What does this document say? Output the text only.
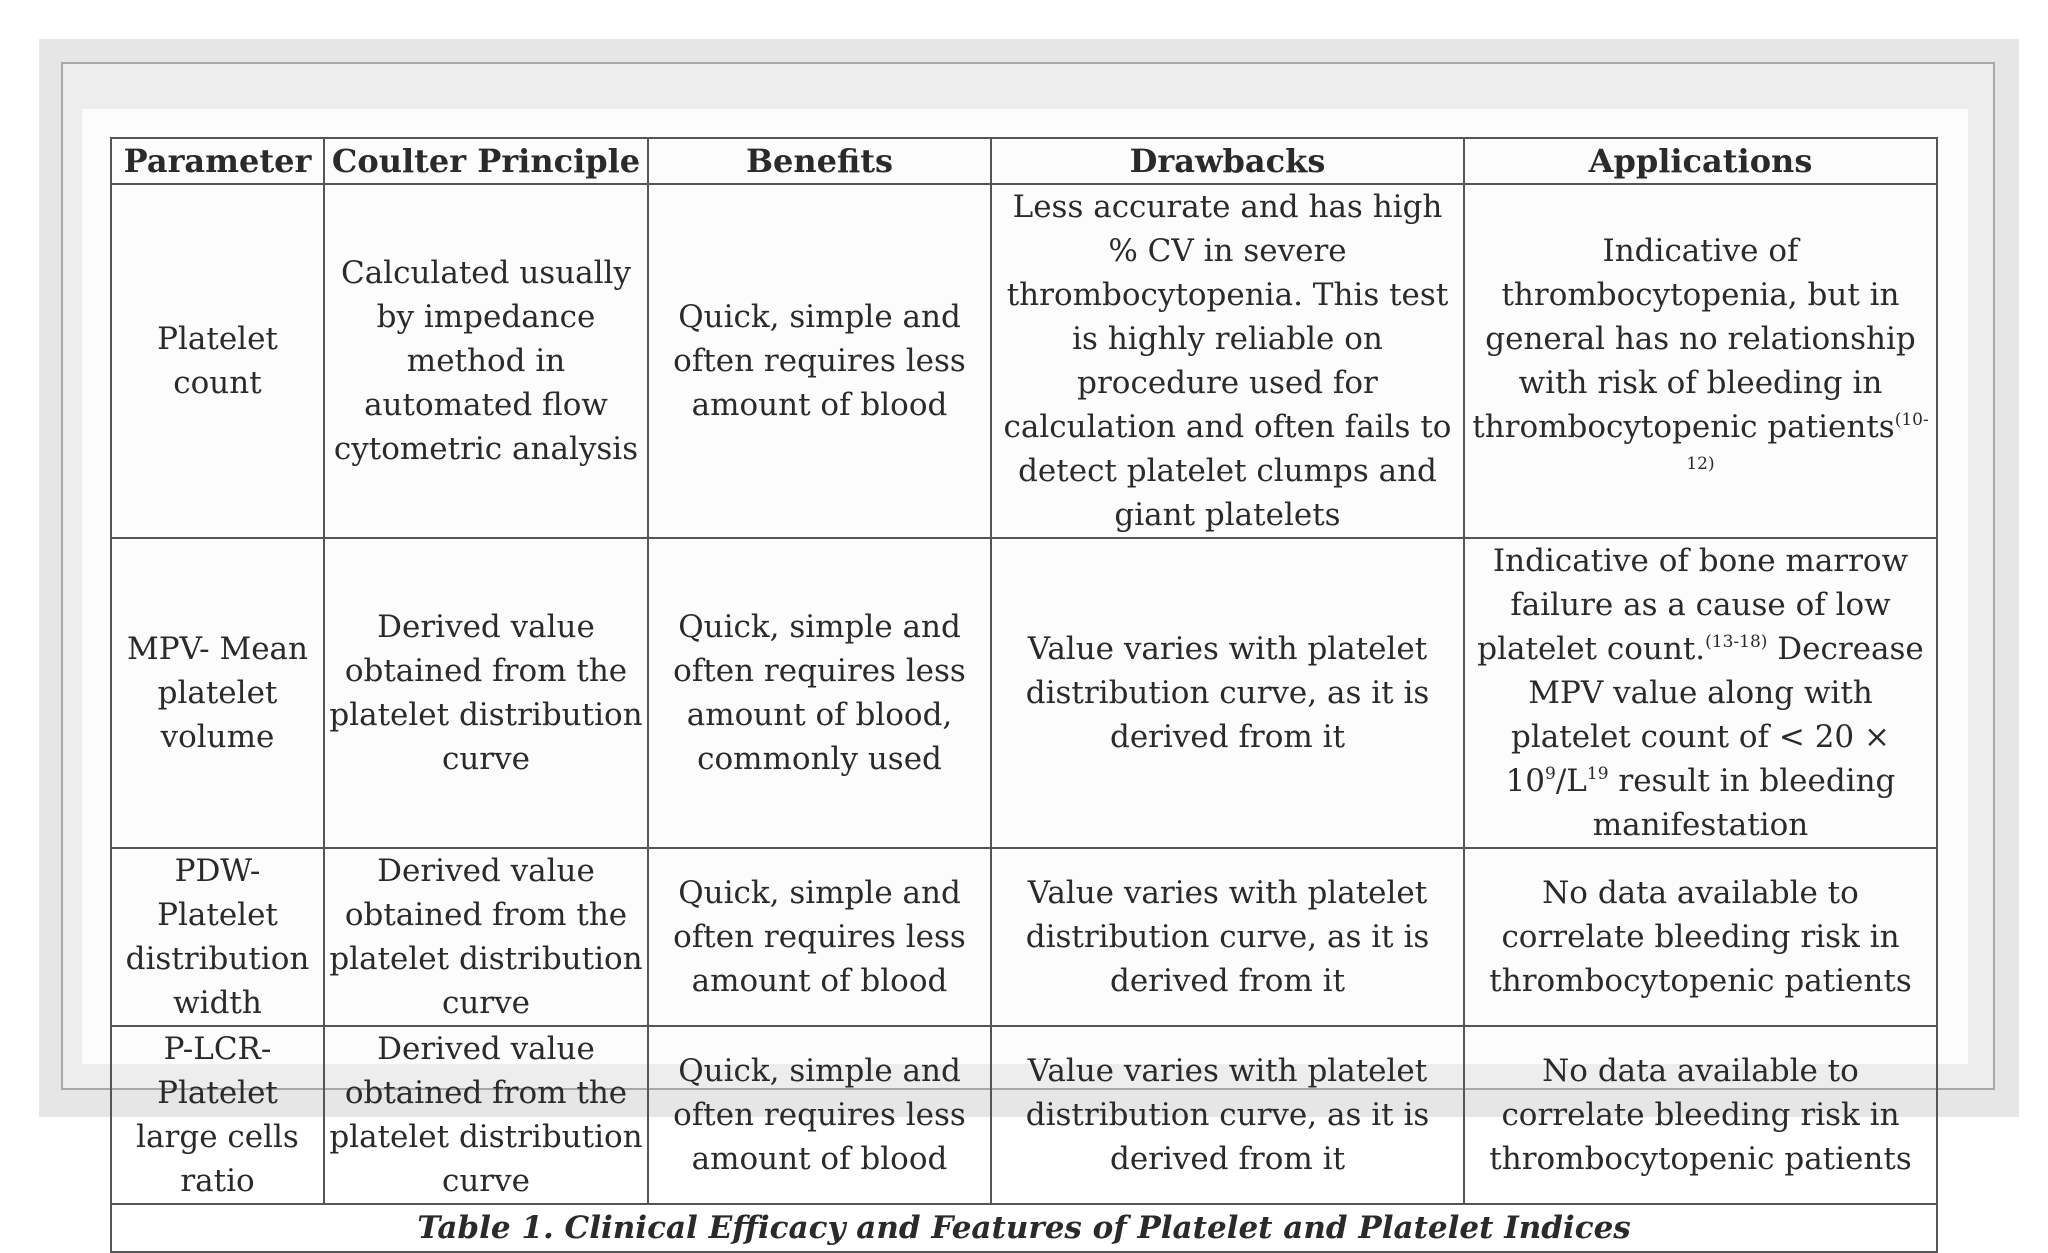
Parameter	Coulter Principle	Benefits	Drawbacks	Applications
Platelet count	Calculated usually by impedance method in automated flow cytometric analysis	Quick, simple and often requires less amount of blood	Less accurate and has high % CV in severe thrombocytopenia. This test is highly reliable on procedure used for calculation and often fails to detect platelet clumps and giant platelets	Indicative of thrombocytopenia, but in general has no relationship with risk of bleeding in thrombocytopenic patients$^{(10-12)}$
MPV- Mean platelet volume	Derived value obtained from the platelet distribution curve	Quick, simple and often requires less amount of blood, commonly used	Value varies with platelet distribution curve, as it is derived from it	Indicative of bone marrow failure as a cause of low platelet count.$^{(13-18)}$ Decrease MPV value along with platelet count of < $20 \times 10^9/L^{19}$ result in bleeding manifestation
PDW- Platelet distribution width	Derived value obtained from the platelet distribution curve	Quick, simple and often requires less amount of blood	Value varies with platelet distribution curve, as it is derived from it	No data available to correlate bleeding risk in thrombocytopenic patients
P-LCR- Platelet large cells ratio	Derived value obtained from the platelet distribution curve	Quick, simple and often requires less amount of blood	Value varies with platelet distribution curve, as it is derived from it	No data available to correlate bleeding risk in thrombocytopenic patients
Table 1. Clinical Efficacy and Features of Platelet and Platelet Indices				
